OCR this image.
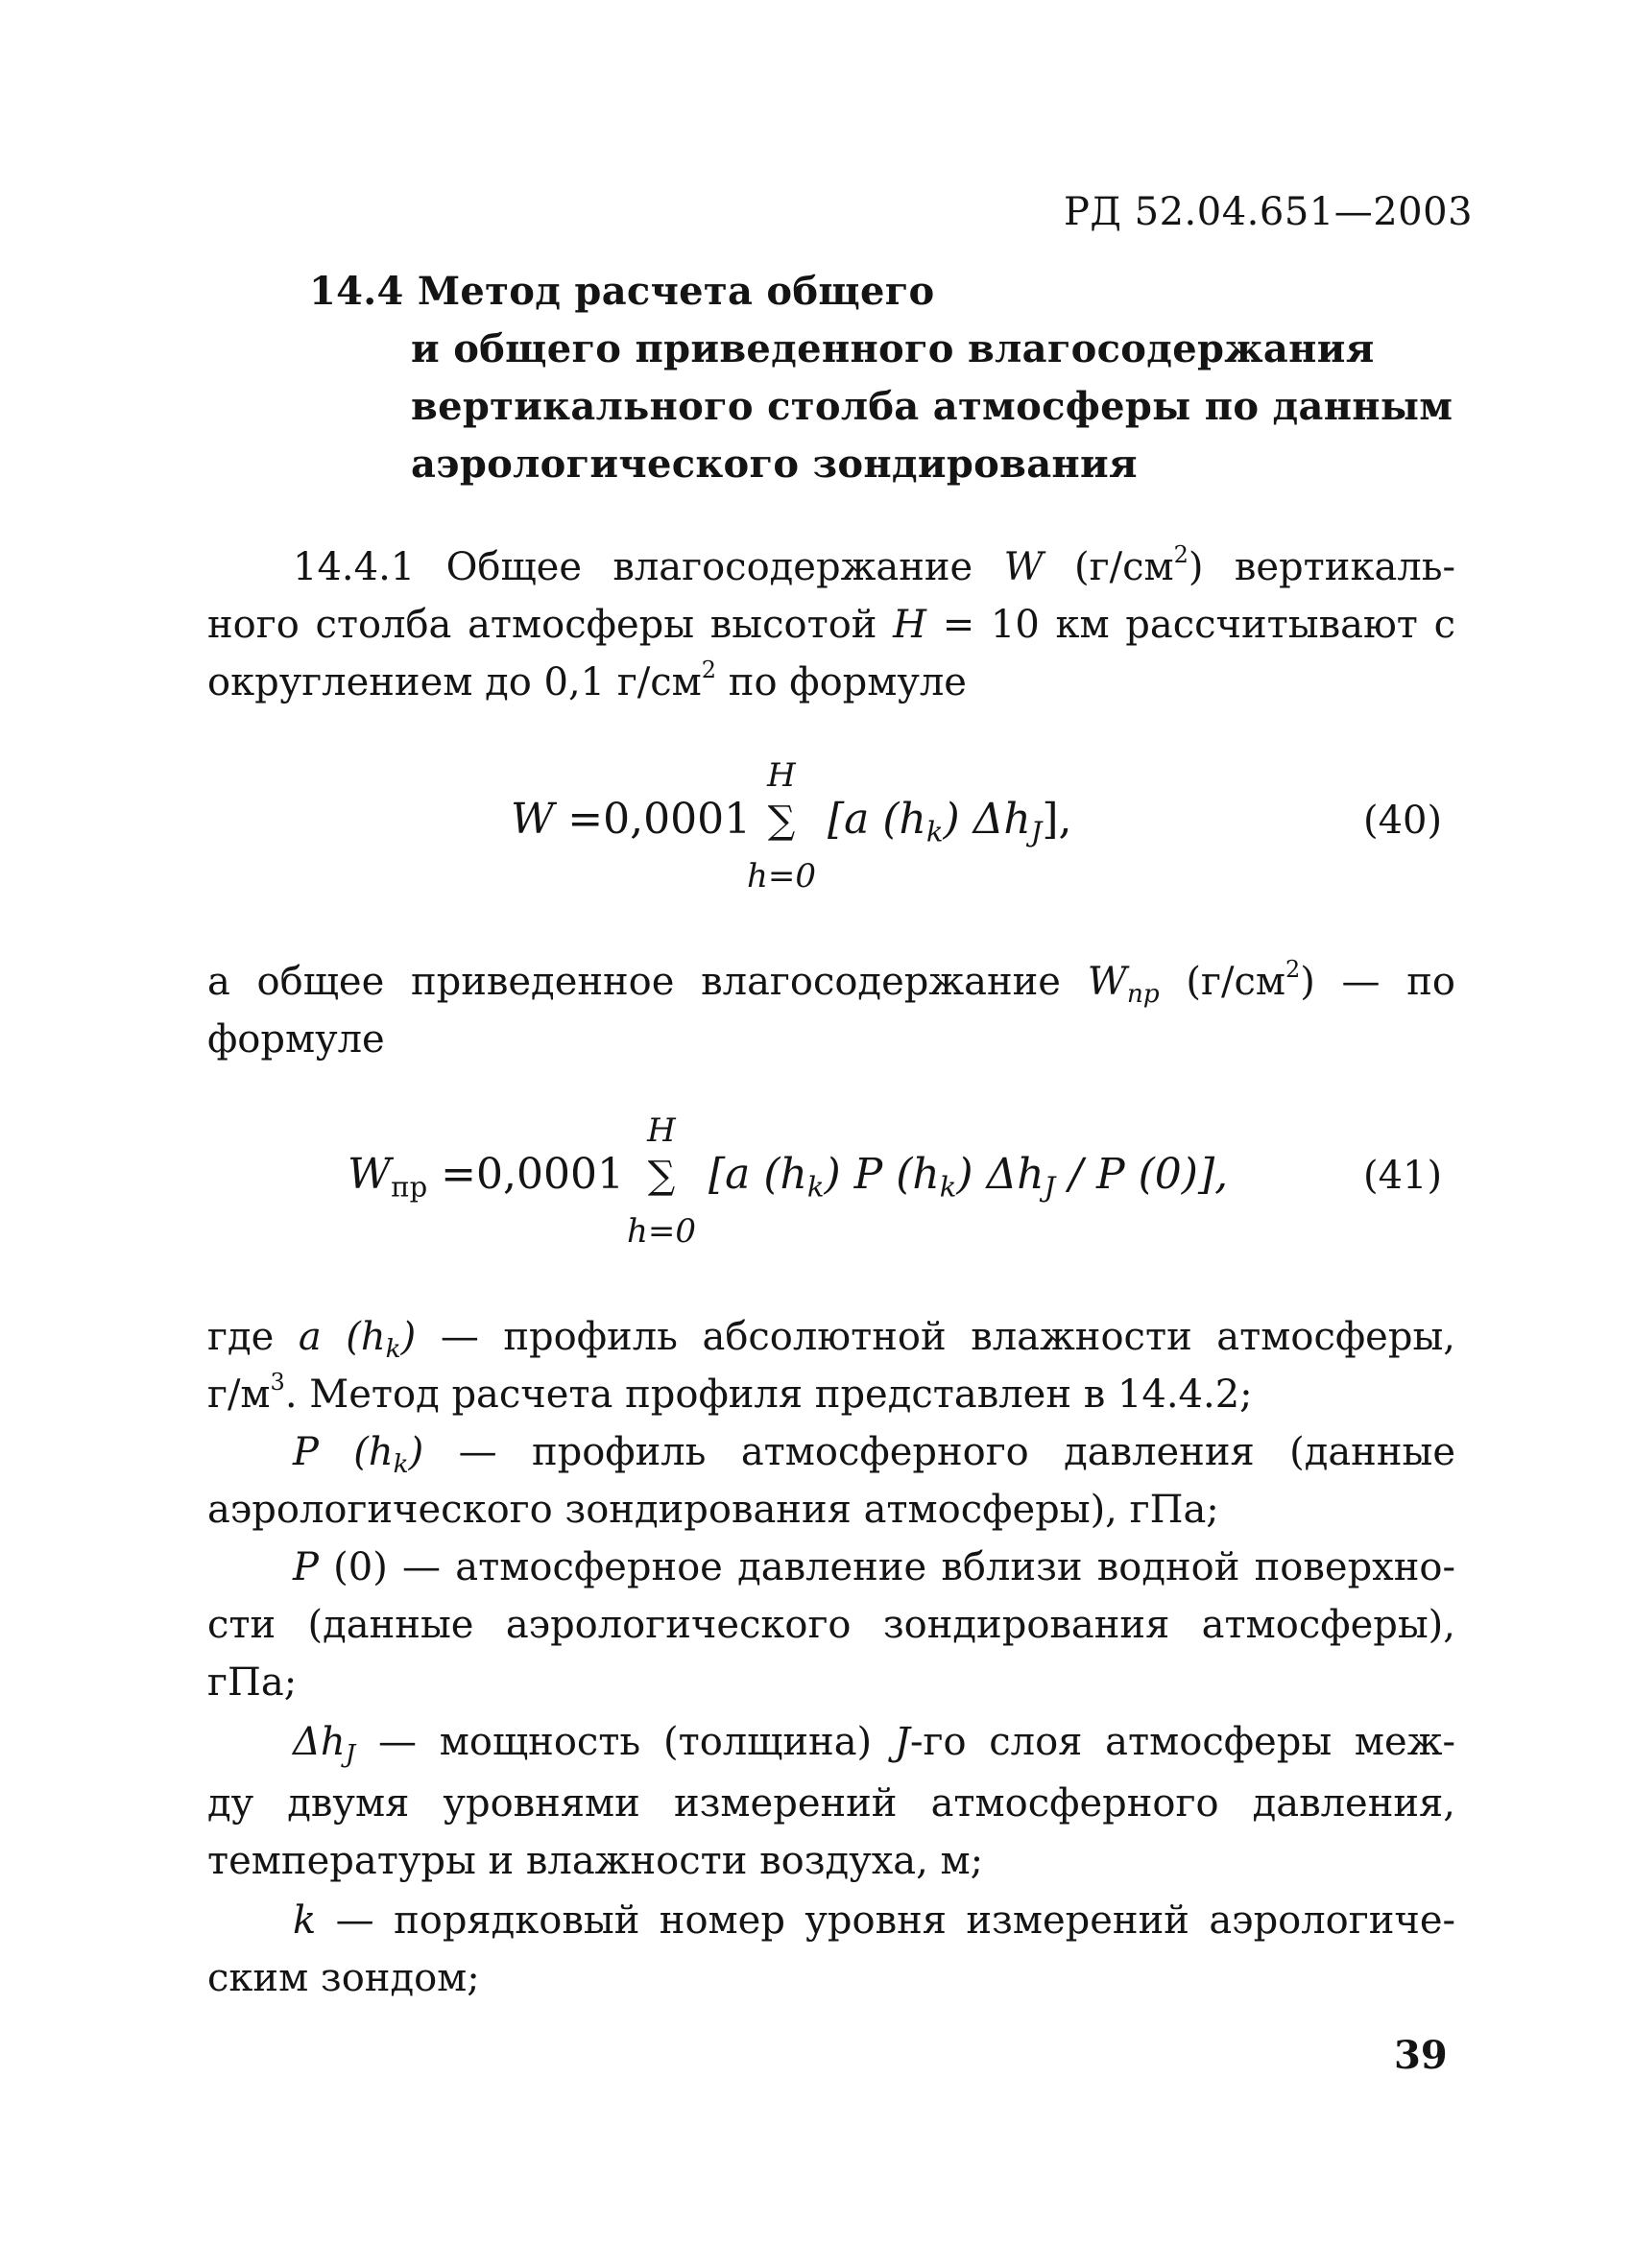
РД 52.04.651—2003
14.4 Метод расчета общего
и общего приведенного влагосодержания
вертикального столба атмосферы по данным
аэрологического зондирования
14.4.1 Общее влагосодержание W $(г/см^2)$ вертикаль-
ного столба атмосферы высотой H = 10 км рассчитывают с
округлением до 0,1 $г/см^2$ по формуле
W =0,0001
H
∑
h=0
[a $(h_k)$ $\Delta h_J$],	(40)
а общее приведенное влагосодержание $W_{пр}$ $(г/см^2)$ — по
формуле
$W_{пр} =0,0001$
H
∑
h=0
[a $(h_k)$ P $(h_k)$ $\Delta h_J$ / P (0)],	(41)
где a $(h_k)$ — профиль абсолютной влажности атмосферы,
$г/м^3$. Метод расчета профиля представлен в 14.4.2;
P $(h_k)$ — профиль атмосферного давления (данные
аэрологического зондирования атмосферы), гПа;
P (0) — атмосферное давление вблизи водной поверхно-
сти (данные аэрологического зондирования атмосферы),
гПа;
$\Delta h_J$ — мощность (толщина) J-го слоя атмосферы меж-
ду двумя уровнями измерений атмосферного давления,
температуры и влажности воздуха, м;
k — порядковый номер уровня измерений аэрологиче-
ским зондом;
39
